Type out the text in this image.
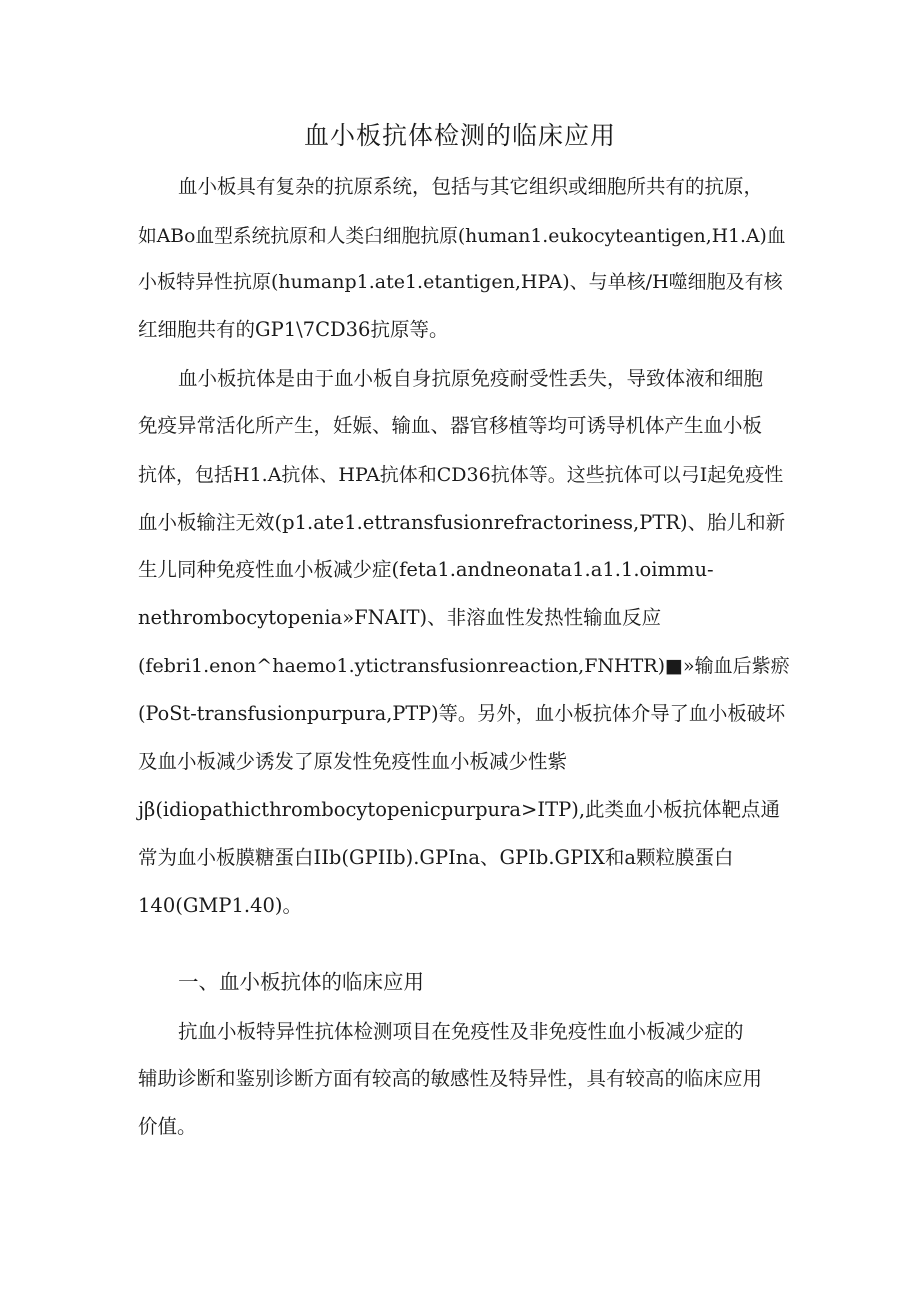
血小板抗体检测的临床应用
血小板具有复杂的抗原系统，包括与其它组织或细胞所共有的抗原，
如ABo血型系统抗原和人类臼细胞抗原(human1.eukocyteantigen,H1.A)血
小板特异性抗原(humanp1.ate1.etantigen,HPA)、与单核/H噬细胞及有核
红细胞共有的GP1\7CD36抗原等。
血小板抗体是由于血小板自身抗原免疫耐受性丢失，导致体液和细胞
免疫异常活化所产生，妊娠、输血、器官移植等均可诱导机体产生血小板
抗体，包括H1.A抗体、HPA抗体和CD36抗体等。这些抗体可以弓I起免疫性
血小板输注无效(p1.ate1.ettransfusionrefractoriness,PTR)、胎儿和新
生儿同种免疫性血小板减少症(feta1.andneonata1.a1.1.oimmu-
nethrombocytopenia»FNAIT)、非溶血性发热性输血反应
(febri1.enon^haemo1.ytictransfusionreaction,FNHTR)■»输血后紫瘀
(PoSt-transfusionpurpura,PTP)等。另外，血小板抗体介导了血小板破坏
及血小板减少诱发了原发性免疫性血小板减少性紫
jβ(idiopathicthrombocytopenicpurpura>ITP),此类血小板抗体靶点通
常为血小板膜糖蛋白IIb(GPIIb).GPIna、GPIb.GPIX和a颗粒膜蛋白
140(GMP1.40)。
一、血小板抗体的临床应用
抗血小板特异性抗体检测项目在免疫性及非免疫性血小板减少症的
辅助诊断和鉴别诊断方面有较高的敏感性及特异性，具有较高的临床应用
价值。
